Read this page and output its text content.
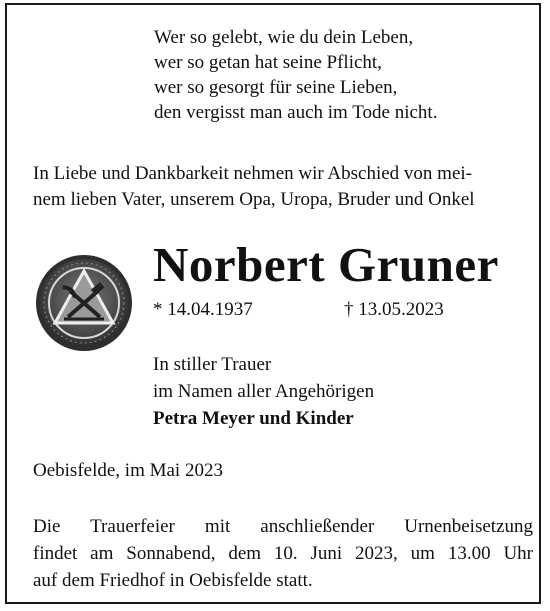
Wer so gelebt, wie du dein Leben,
wer so getan hat seine Pflicht,
wer so gesorgt für seine Lieben,
den vergisst man auch im Tode nicht.
In Liebe und Dankbarkeit nehmen wir Abschied von mei-
nem lieben Vater, unserem Opa, Uropa, Bruder und Onkel
Norbert Gruner
* 14.04.1937	† 13.05.2023
In stiller Trauer
im Namen aller Angehörigen
Petra Meyer und Kinder
Oebisfelde, im Mai 2023
Die Trauerfeier mit anschließender Urnenbeisetzung
findet am Sonnabend, dem 10. Juni 2023, um 13.00 Uhr
auf dem Friedhof in Oebisfelde statt.
